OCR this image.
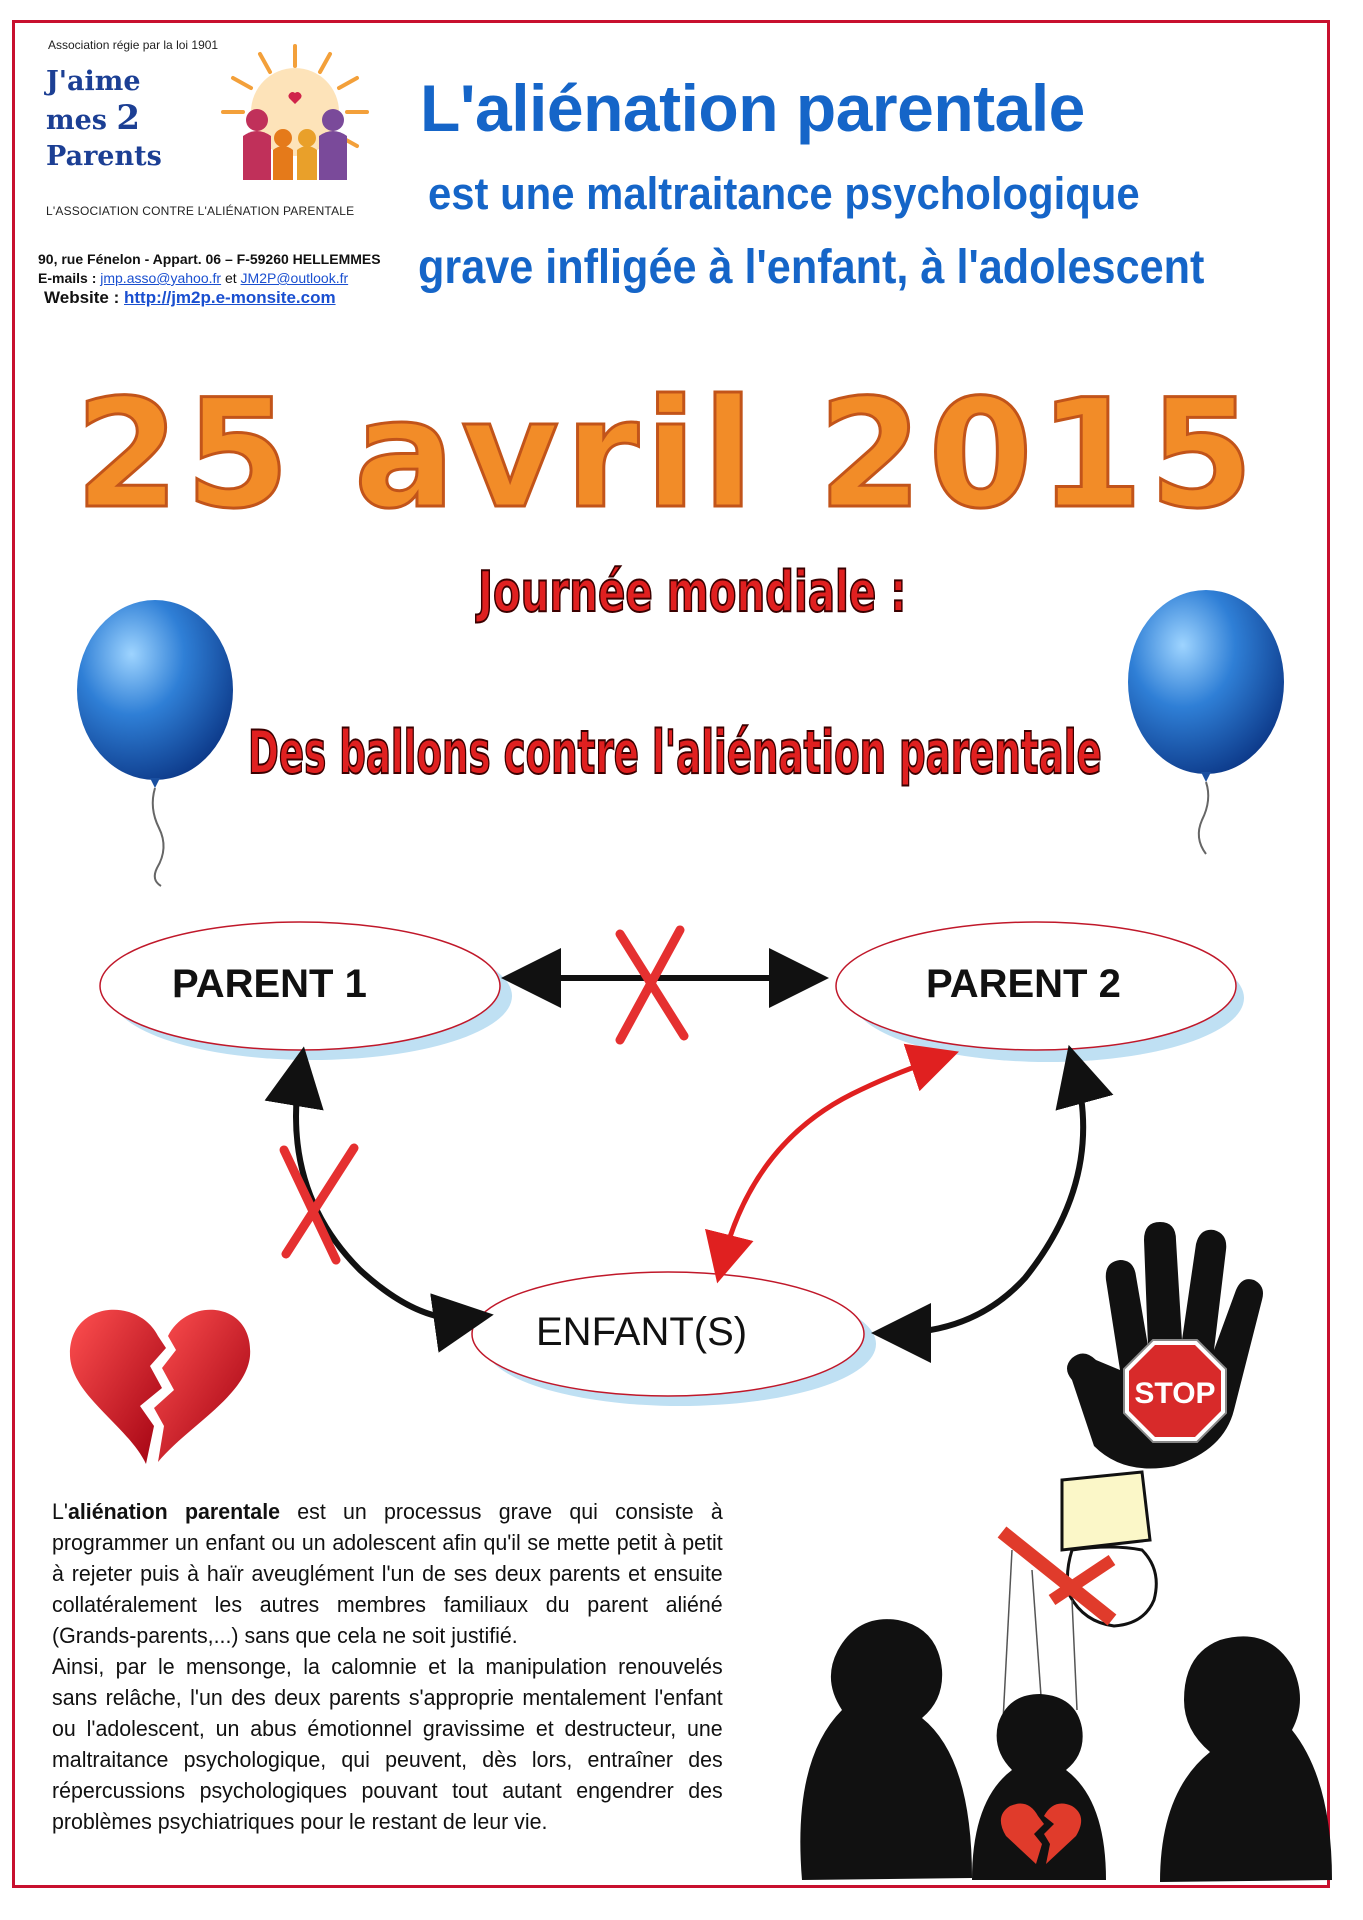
Association régie par la loi 1901
J'aime
mes 2
Parents
L'ASSOCIATION CONTRE L'ALIÉNATION PARENTALE
90, rue Fénelon - Appart. 06 – F-59260 HELLEMMES
E-mails : jmp.asso@yahoo.fr et JM2P@outlook.fr
Website : http://jm2p.e-monsite.com
L'aliénation parentale
est une maltraitance psychologique
grave infligée à l'enfant, à l'adolescent
25 avril 2015
Journée mondiale :
Des ballons contre l'aliénation parentale
PARENT 1	PARENT 2
ENFANT(S)
STOP

L'aliénation parentale est un processus grave qui consiste à programmer un enfant ou un adolescent afin qu'il se mette petit à petit à rejeter puis à haïr aveuglément l'un de ses deux parents et ensuite collatéralement les autres membres familiaux du parent aliéné (Grands-parents,...) sans que cela ne soit justifié.

Ainsi, par le mensonge, la calomnie et la manipulation renouvelés sans relâche, l'un des deux parents s'approprie mentalement l'enfant ou l'adolescent, un abus émotionnel gravissime et destructeur, une maltraitance psychologique, qui peuvent, dès lors, entraîner des répercussions psychologiques pouvant tout autant engendrer des problèmes psychiatriques pour le restant de leur vie.
